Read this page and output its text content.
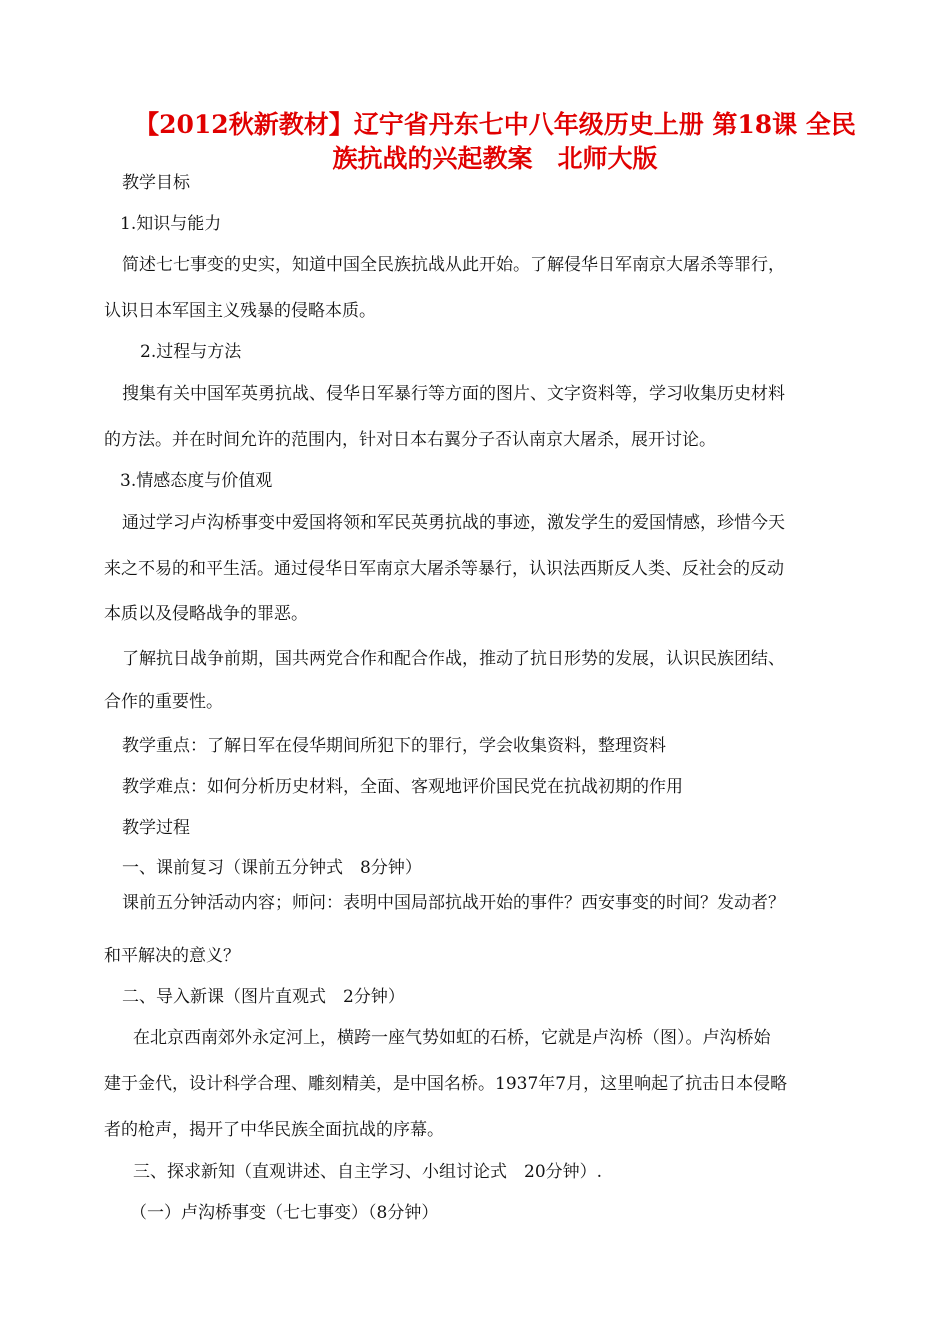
【2012秋新教材】辽宁省丹东七中八年级历史上册 第18课 全民
族抗战的兴起教案　北师大版
教学目标
1.知识与能力
简述七七事变的史实，知道中国全民族抗战从此开始。了解侵华日军南京大屠杀等罪行，
认识日本军国主义残暴的侵略本质。
2.过程与方法
搜集有关中国军英勇抗战、侵华日军暴行等方面的图片、文字资料等，学习收集历史材料
的方法。并在时间允许的范围内，针对日本右翼分子否认南京大屠杀，展开讨论。
3.情感态度与价值观
通过学习卢沟桥事变中爱国将领和军民英勇抗战的事迹，激发学生的爱国情感，珍惜今天
来之不易的和平生活。通过侵华日军南京大屠杀等暴行，认识法西斯反人类、反社会的反动
本质以及侵略战争的罪恶。
了解抗日战争前期，国共两党合作和配合作战，推动了抗日形势的发展，认识民族团结、
合作的重要性。
教学重点：了解日军在侵华期间所犯下的罪行，学会收集资料，整理资料
教学难点：如何分析历史材料，全面、客观地评价国民党在抗战初期的作用
教学过程
一、课前复习（课前五分钟式　8分钟）
课前五分钟活动内容；师问：表明中国局部抗战开始的事件？西安事变的时间？发动者？
和平解决的意义？
二、导入新课（图片直观式　2分钟）
在北京西南郊外永定河上，横跨一座气势如虹的石桥，它就是卢沟桥（图）。卢沟桥始
建于金代，设计科学合理、雕刻精美，是中国名桥。1937年7月，这里响起了抗击日本侵略
者的枪声，揭开了中华民族全面抗战的序幕。
三、探求新知（直观讲述、自主学习、小组讨论式　20分钟）.
（一）卢沟桥事变（七七事变）（8分钟）
